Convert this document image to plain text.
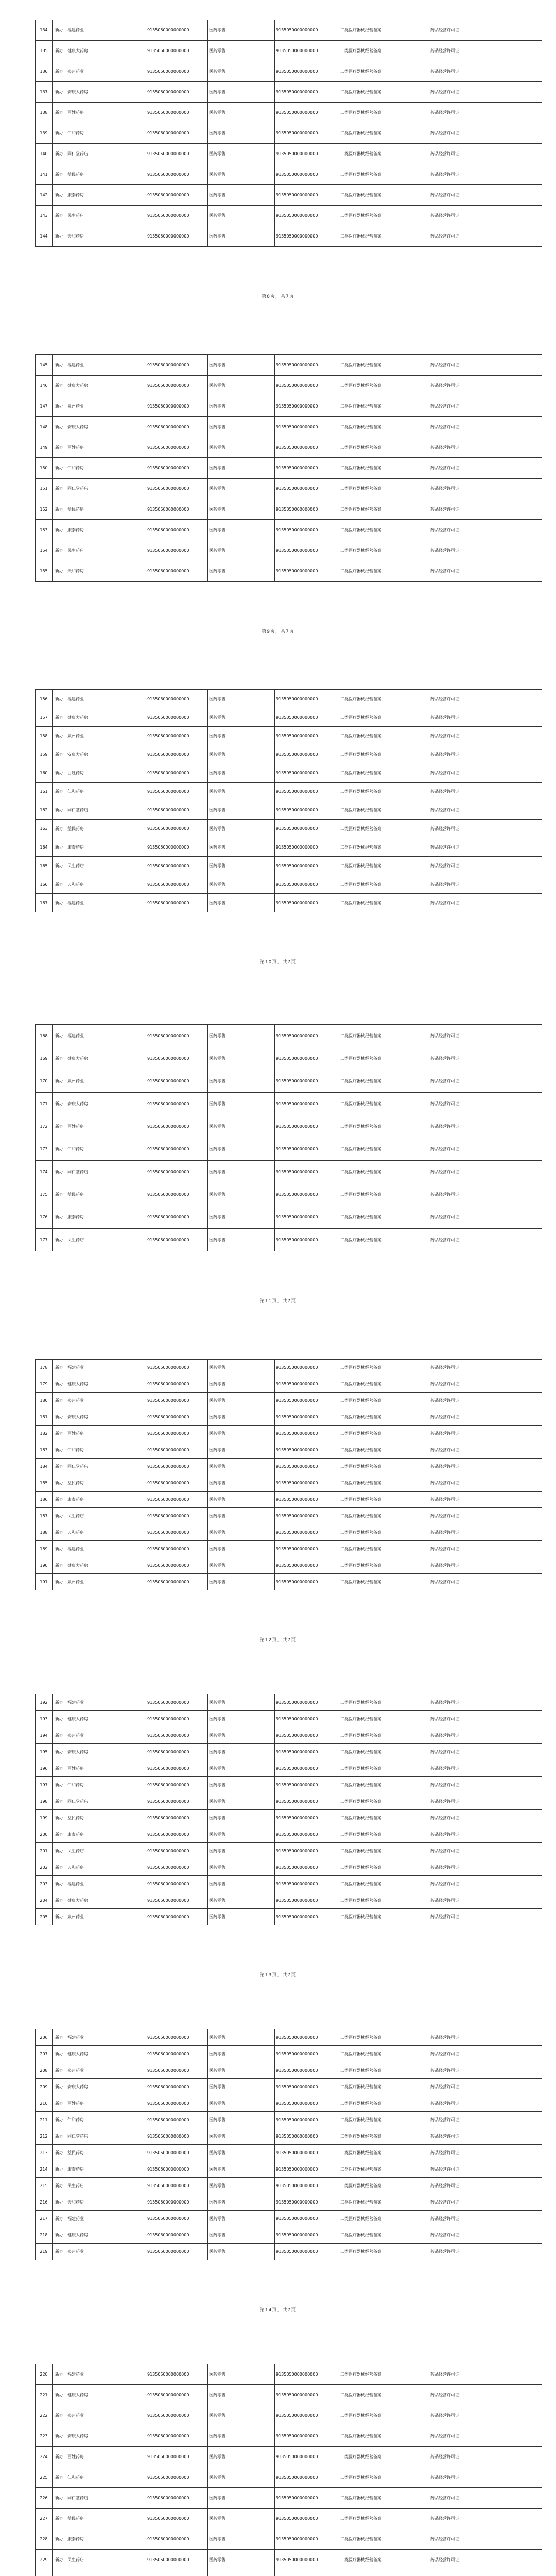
134	新办	福建药业	9135050000000000	医药零售	9135050000000000	二类医疗器械经营备案	药品经营许可证
135	新办	健康大药房	9135050000000000	医药零售	9135050000000000	二类医疗器械经营备案	药品经营许可证
136	新办	泉州药业	9135050000000000	医药零售	9135050000000000	二类医疗器械经营备案	药品经营许可证
137	新办	安康大药房	9135050000000000	医药零售	9135050000000000	二类医疗器械经营备案	药品经营许可证
138	新办	百姓药房	9135050000000000	医药零售	9135050000000000	二类医疗器械经营备案	药品经营许可证
139	新办	仁和药房	9135050000000000	医药零售	9135050000000000	二类医疗器械经营备案	药品经营许可证
140	新办	同仁堂药店	9135050000000000	医药零售	9135050000000000	二类医疗器械经营备案	药品经营许可证
141	新办	益民药房	9135050000000000	医药零售	9135050000000000	二类医疗器械经营备案	药品经营许可证
142	新办	康泰药房	9135050000000000	医药零售	9135050000000000	二类医疗器械经营备案	药品经营许可证
143	新办	民生药店	9135050000000000	医药零售	9135050000000000	二类医疗器械经营备案	药品经营许可证
144	新办	天和药房	9135050000000000	医药零售	9135050000000000	二类医疗器械经营备案	药品经营许可证
第8页，共7页
145	新办	福建药业	9135050000000000	医药零售	9135050000000000	二类医疗器械经营备案	药品经营许可证
146	新办	健康大药房	9135050000000000	医药零售	9135050000000000	二类医疗器械经营备案	药品经营许可证
147	新办	泉州药业	9135050000000000	医药零售	9135050000000000	二类医疗器械经营备案	药品经营许可证
148	新办	安康大药房	9135050000000000	医药零售	9135050000000000	二类医疗器械经营备案	药品经营许可证
149	新办	百姓药房	9135050000000000	医药零售	9135050000000000	二类医疗器械经营备案	药品经营许可证
150	新办	仁和药房	9135050000000000	医药零售	9135050000000000	二类医疗器械经营备案	药品经营许可证
151	新办	同仁堂药店	9135050000000000	医药零售	9135050000000000	二类医疗器械经营备案	药品经营许可证
152	新办	益民药房	9135050000000000	医药零售	9135050000000000	二类医疗器械经营备案	药品经营许可证
153	新办	康泰药房	9135050000000000	医药零售	9135050000000000	二类医疗器械经营备案	药品经营许可证
154	新办	民生药店	9135050000000000	医药零售	9135050000000000	二类医疗器械经营备案	药品经营许可证
155	新办	天和药房	9135050000000000	医药零售	9135050000000000	二类医疗器械经营备案	药品经营许可证
第9页，共7页
156	新办	福建药业	9135050000000000	医药零售	9135050000000000	二类医疗器械经营备案	药品经营许可证
157	新办	健康大药房	9135050000000000	医药零售	9135050000000000	二类医疗器械经营备案	药品经营许可证
158	新办	泉州药业	9135050000000000	医药零售	9135050000000000	二类医疗器械经营备案	药品经营许可证
159	新办	安康大药房	9135050000000000	医药零售	9135050000000000	二类医疗器械经营备案	药品经营许可证
160	新办	百姓药房	9135050000000000	医药零售	9135050000000000	二类医疗器械经营备案	药品经营许可证
161	新办	仁和药房	9135050000000000	医药零售	9135050000000000	二类医疗器械经营备案	药品经营许可证
162	新办	同仁堂药店	9135050000000000	医药零售	9135050000000000	二类医疗器械经营备案	药品经营许可证
163	新办	益民药房	9135050000000000	医药零售	9135050000000000	二类医疗器械经营备案	药品经营许可证
164	新办	康泰药房	9135050000000000	医药零售	9135050000000000	二类医疗器械经营备案	药品经营许可证
165	新办	民生药店	9135050000000000	医药零售	9135050000000000	二类医疗器械经营备案	药品经营许可证
166	新办	天和药房	9135050000000000	医药零售	9135050000000000	二类医疗器械经营备案	药品经营许可证
167	新办	福建药业	9135050000000000	医药零售	9135050000000000	二类医疗器械经营备案	药品经营许可证
第10页，共7页
168	新办	福建药业	9135050000000000	医药零售	9135050000000000	二类医疗器械经营备案	药品经营许可证
169	新办	健康大药房	9135050000000000	医药零售	9135050000000000	二类医疗器械经营备案	药品经营许可证
170	新办	泉州药业	9135050000000000	医药零售	9135050000000000	二类医疗器械经营备案	药品经营许可证
171	新办	安康大药房	9135050000000000	医药零售	9135050000000000	二类医疗器械经营备案	药品经营许可证
172	新办	百姓药房	9135050000000000	医药零售	9135050000000000	二类医疗器械经营备案	药品经营许可证
173	新办	仁和药房	9135050000000000	医药零售	9135050000000000	二类医疗器械经营备案	药品经营许可证
174	新办	同仁堂药店	9135050000000000	医药零售	9135050000000000	二类医疗器械经营备案	药品经营许可证
175	新办	益民药房	9135050000000000	医药零售	9135050000000000	二类医疗器械经营备案	药品经营许可证
176	新办	康泰药房	9135050000000000	医药零售	9135050000000000	二类医疗器械经营备案	药品经营许可证
177	新办	民生药店	9135050000000000	医药零售	9135050000000000	二类医疗器械经营备案	药品经营许可证
第11页，共7页
178	新办	福建药业	9135050000000000	医药零售	9135050000000000	二类医疗器械经营备案	药品经营许可证
179	新办	健康大药房	9135050000000000	医药零售	9135050000000000	二类医疗器械经营备案	药品经营许可证
180	新办	泉州药业	9135050000000000	医药零售	9135050000000000	二类医疗器械经营备案	药品经营许可证
181	新办	安康大药房	9135050000000000	医药零售	9135050000000000	二类医疗器械经营备案	药品经营许可证
182	新办	百姓药房	9135050000000000	医药零售	9135050000000000	二类医疗器械经营备案	药品经营许可证
183	新办	仁和药房	9135050000000000	医药零售	9135050000000000	二类医疗器械经营备案	药品经营许可证
184	新办	同仁堂药店	9135050000000000	医药零售	9135050000000000	二类医疗器械经营备案	药品经营许可证
185	新办	益民药房	9135050000000000	医药零售	9135050000000000	二类医疗器械经营备案	药品经营许可证
186	新办	康泰药房	9135050000000000	医药零售	9135050000000000	二类医疗器械经营备案	药品经营许可证
187	新办	民生药店	9135050000000000	医药零售	9135050000000000	二类医疗器械经营备案	药品经营许可证
188	新办	天和药房	9135050000000000	医药零售	9135050000000000	二类医疗器械经营备案	药品经营许可证
189	新办	福建药业	9135050000000000	医药零售	9135050000000000	二类医疗器械经营备案	药品经营许可证
190	新办	健康大药房	9135050000000000	医药零售	9135050000000000	二类医疗器械经营备案	药品经营许可证
191	新办	泉州药业	9135050000000000	医药零售	9135050000000000	二类医疗器械经营备案	药品经营许可证
第12页，共7页
192	新办	福建药业	9135050000000000	医药零售	9135050000000000	二类医疗器械经营备案	药品经营许可证
193	新办	健康大药房	9135050000000000	医药零售	9135050000000000	二类医疗器械经营备案	药品经营许可证
194	新办	泉州药业	9135050000000000	医药零售	9135050000000000	二类医疗器械经营备案	药品经营许可证
195	新办	安康大药房	9135050000000000	医药零售	9135050000000000	二类医疗器械经营备案	药品经营许可证
196	新办	百姓药房	9135050000000000	医药零售	9135050000000000	二类医疗器械经营备案	药品经营许可证
197	新办	仁和药房	9135050000000000	医药零售	9135050000000000	二类医疗器械经营备案	药品经营许可证
198	新办	同仁堂药店	9135050000000000	医药零售	9135050000000000	二类医疗器械经营备案	药品经营许可证
199	新办	益民药房	9135050000000000	医药零售	9135050000000000	二类医疗器械经营备案	药品经营许可证
200	新办	康泰药房	9135050000000000	医药零售	9135050000000000	二类医疗器械经营备案	药品经营许可证
201	新办	民生药店	9135050000000000	医药零售	9135050000000000	二类医疗器械经营备案	药品经营许可证
202	新办	天和药房	9135050000000000	医药零售	9135050000000000	二类医疗器械经营备案	药品经营许可证
203	新办	福建药业	9135050000000000	医药零售	9135050000000000	二类医疗器械经营备案	药品经营许可证
204	新办	健康大药房	9135050000000000	医药零售	9135050000000000	二类医疗器械经营备案	药品经营许可证
205	新办	泉州药业	9135050000000000	医药零售	9135050000000000	二类医疗器械经营备案	药品经营许可证
第13页，共7页
206	新办	福建药业	9135050000000000	医药零售	9135050000000000	二类医疗器械经营备案	药品经营许可证
207	新办	健康大药房	9135050000000000	医药零售	9135050000000000	二类医疗器械经营备案	药品经营许可证
208	新办	泉州药业	9135050000000000	医药零售	9135050000000000	二类医疗器械经营备案	药品经营许可证
209	新办	安康大药房	9135050000000000	医药零售	9135050000000000	二类医疗器械经营备案	药品经营许可证
210	新办	百姓药房	9135050000000000	医药零售	9135050000000000	二类医疗器械经营备案	药品经营许可证
211	新办	仁和药房	9135050000000000	医药零售	9135050000000000	二类医疗器械经营备案	药品经营许可证
212	新办	同仁堂药店	9135050000000000	医药零售	9135050000000000	二类医疗器械经营备案	药品经营许可证
213	新办	益民药房	9135050000000000	医药零售	9135050000000000	二类医疗器械经营备案	药品经营许可证
214	新办	康泰药房	9135050000000000	医药零售	9135050000000000	二类医疗器械经营备案	药品经营许可证
215	新办	民生药店	9135050000000000	医药零售	9135050000000000	二类医疗器械经营备案	药品经营许可证
216	新办	天和药房	9135050000000000	医药零售	9135050000000000	二类医疗器械经营备案	药品经营许可证
217	新办	福建药业	9135050000000000	医药零售	9135050000000000	二类医疗器械经营备案	药品经营许可证
218	新办	健康大药房	9135050000000000	医药零售	9135050000000000	二类医疗器械经营备案	药品经营许可证
219	新办	泉州药业	9135050000000000	医药零售	9135050000000000	二类医疗器械经营备案	药品经营许可证
第14页，共7页
220	新办	福建药业	9135050000000000	医药零售	9135050000000000	二类医疗器械经营备案	药品经营许可证
221	新办	健康大药房	9135050000000000	医药零售	9135050000000000	二类医疗器械经营备案	药品经营许可证
222	新办	泉州药业	9135050000000000	医药零售	9135050000000000	二类医疗器械经营备案	药品经营许可证
223	新办	安康大药房	9135050000000000	医药零售	9135050000000000	二类医疗器械经营备案	药品经营许可证
224	新办	百姓药房	9135050000000000	医药零售	9135050000000000	二类医疗器械经营备案	药品经营许可证
225	新办	仁和药房	9135050000000000	医药零售	9135050000000000	二类医疗器械经营备案	药品经营许可证
226	新办	同仁堂药店	9135050000000000	医药零售	9135050000000000	二类医疗器械经营备案	药品经营许可证
227	新办	益民药房	9135050000000000	医药零售	9135050000000000	二类医疗器械经营备案	药品经营许可证
228	新办	康泰药房	9135050000000000	医药零售	9135050000000000	二类医疗器械经营备案	药品经营许可证
229	新办	民生药店	9135050000000000	医药零售	9135050000000000	二类医疗器械经营备案	药品经营许可证
